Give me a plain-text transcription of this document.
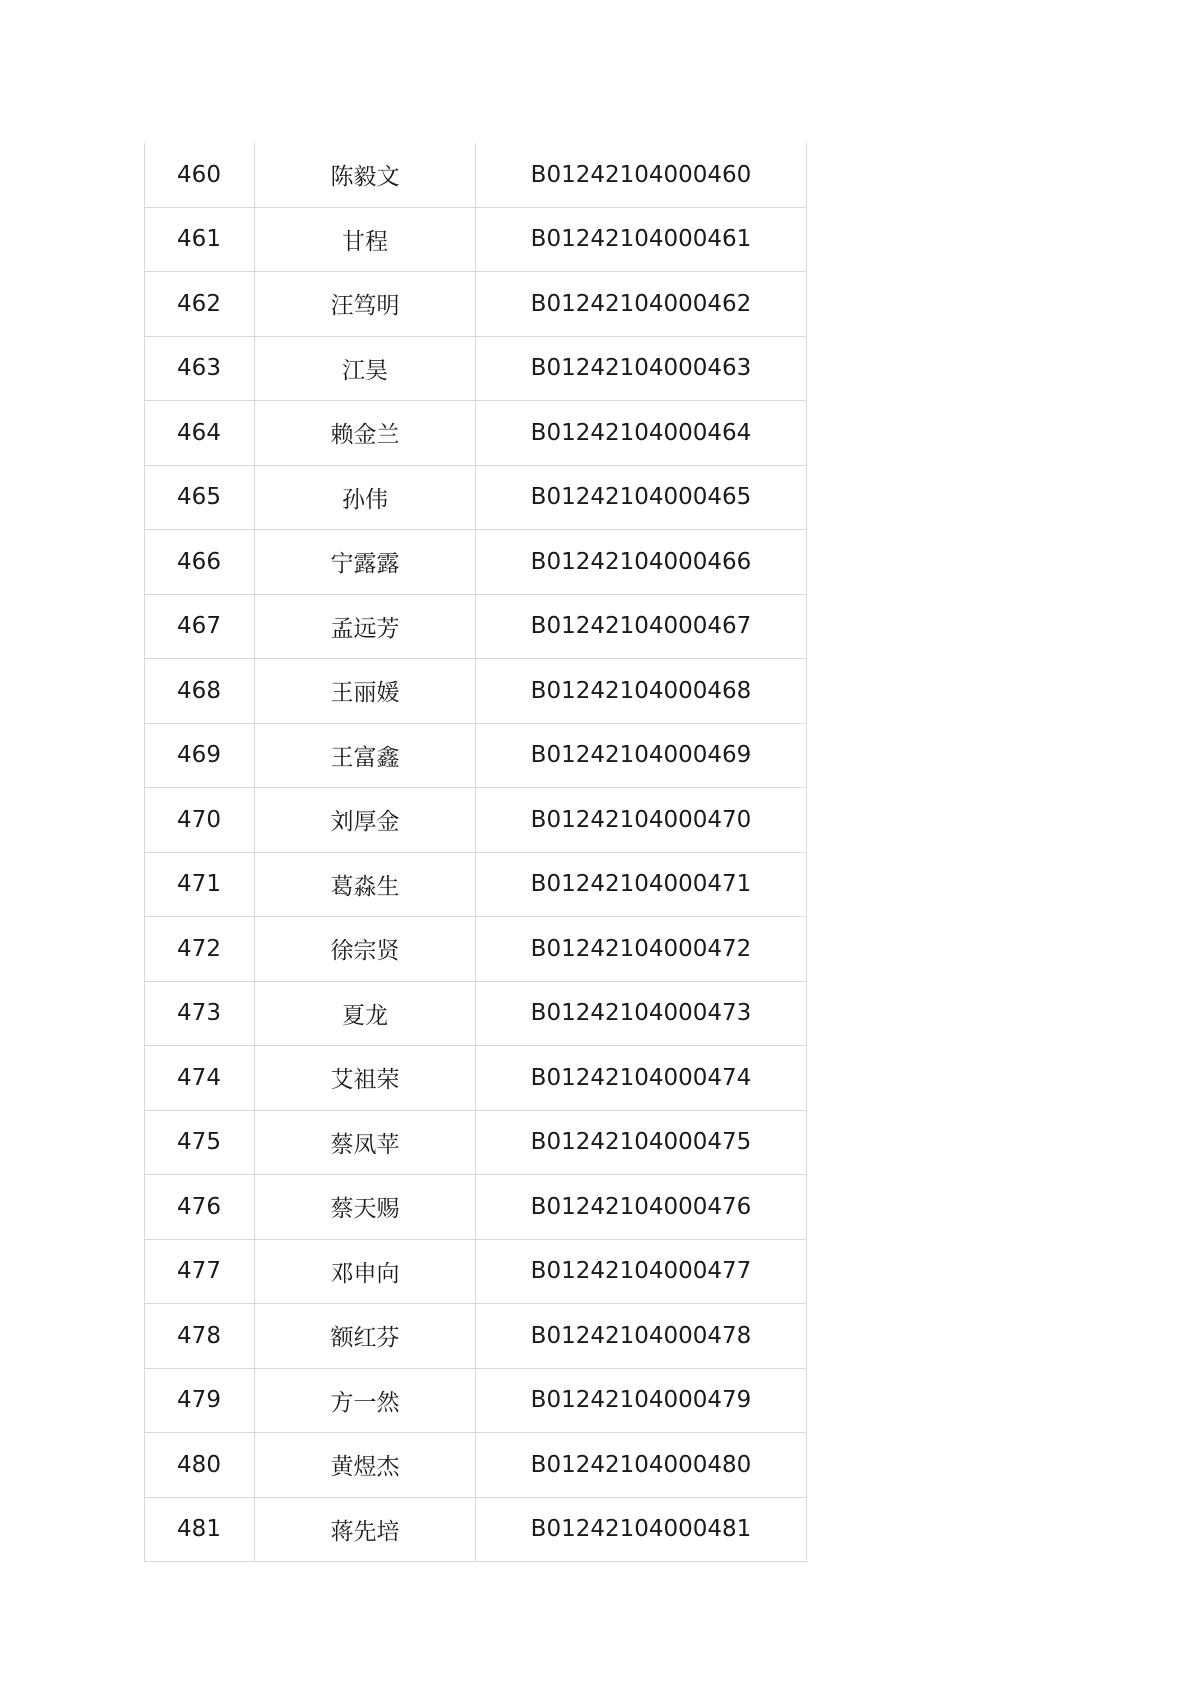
460	陈毅文	B01242104000460
461	甘程	B01242104000461
462	汪笃明	B01242104000462
463	江昊	B01242104000463
464	赖金兰	B01242104000464
465	孙伟	B01242104000465
466	宁露露	B01242104000466
467	孟远芳	B01242104000467
468	王丽媛	B01242104000468
469	王富鑫	B01242104000469
470	刘厚金	B01242104000470
471	葛淼生	B01242104000471
472	徐宗贤	B01242104000472
473	夏龙	B01242104000473
474	艾祖荣	B01242104000474
475	蔡凤苹	B01242104000475
476	蔡天赐	B01242104000476
477	邓申向	B01242104000477
478	额红芬	B01242104000478
479	方一然	B01242104000479
480	黄煜杰	B01242104000480
481	蒋先培	B01242104000481
